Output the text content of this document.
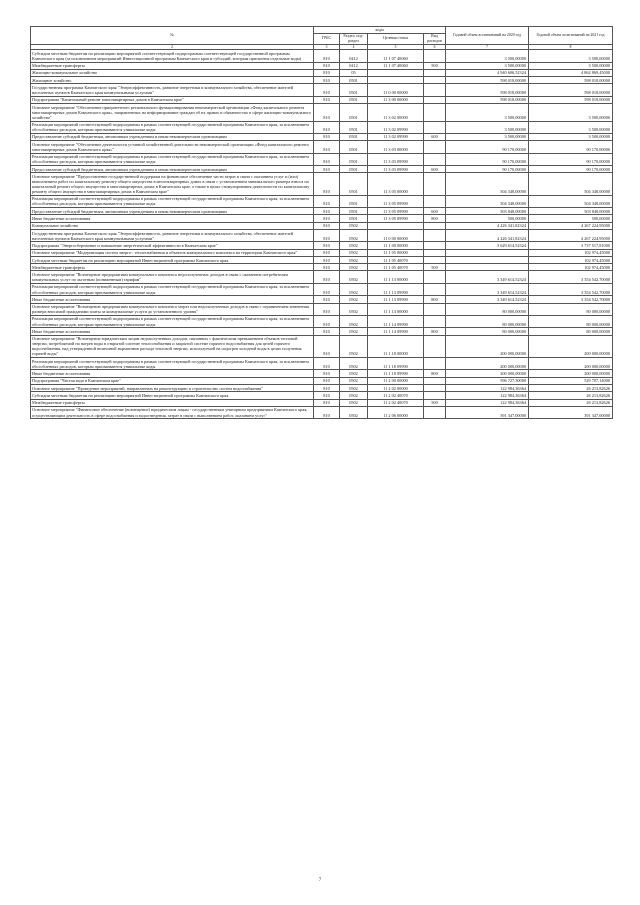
№	коды				Годовой объем ассигнований на 2020 год	Годовой объем ассигнований на 2021 год
	ГРБС	Раздел, под-раздел	Целевая статья	Вид расходов		
2	3	4	5	6	7	8
Субсидии местным бюджетам на реализацию мероприятий соответствующей подпрограммы соответствующей государственной программы Камчатского края (за исключением мероприятий Инвестиционной программы Камчатского края и субсидий, которым присвоены отдельные коды)	810	0412	11 1 07 40060		3 500,00000	3 500,00000
Межбюджетные трансферты	810	0412	11 1 07 40060	500	3 500,00000	3 500,00000
Жилищно-коммунальное хозяйство	810	05			4 940 606,52324	4 862 869,45000
Жилищное хозяйство	810	0501			598 018,00000	598 018,00000
Государственная программа Камчатского края "Энергоэффективность, развитие энергетики и коммунального хозяйства, обеспечение жителей населенных пунктов Камчатского края коммунальными услугами"	810	0501	11 0 00 00000		598 018,00000	598 018,00000
Подпрограмма "Капитальный ремонт многоквартирных домов в Камчатском крае"	810	0501	11 3 00 00000		598 018,00000	598 018,00000
Основное мероприятие "Обеспечение приоритетного регионального функционирования некоммерческой организации «Фонд капитального ремонта многоквартирных домов Камчатского края», направленных на информирование граждан об их правах и обязанностях в сфере жилищно-коммунального хозяйства"	810	0501	11 3 02 00000		3 500,00000	3 500,00000
Реализация мероприятий соответствующей подпрограммы в рамках соответствующей государственной программы Камчатского края, за исключением обособленных расходов, которым присваиваются уникальные коды	810	0501	11 3 02 09990		3 500,00000	3 500,00000
Предоставление субсидий бюджетным, автономным учреждениям и иным некоммерческим организациям	810	0501	11 3 02 09990	600	3 500,00000	3 500,00000
Основное мероприятие "Обеспечение деятельности уставной хозяйственной деятельности некоммерческой организации «Фонд капитального ремонта многоквартирных домов Камчатского края»"	810	0501	11 3 03 00000		90 170,00000	90 170,00000
Реализация мероприятий соответствующей подпрограммы в рамках соответствующей государственной программы Камчатского края, за исключением обособленных расходов, которым присваиваются уникальные коды	810	0501	11 3 03 09990		90 170,00000	90 170,00000
Предоставление субсидий бюджетным, автономным учреждениям и иным некоммерческим организациям	810	0501	11 3 03 09990	600	90 170,00000	90 170,00000
Основное мероприятие "Предоставление государственной поддержки на финансовое обеспечение части затрат в связи с оказанием услуг и (или) выполнением работ по капитальному ремонту общего имущества в многоквартирных домах в связи с установлением минимального размера взноса на капитальный ремонт общего имущества в многоквартирных домах в Камчатском крае, а также в целях стимулирования деятельности по капитальному ремонту общего имущества в многоквартирных домах в Камчатском крае"	810	0501	11 3 05 00000		504 348,00000	504 348,00000
Реализация мероприятий соответствующей подпрограммы в рамках соответствующей государственной программы Камчатского края, за исключением обособленных расходов, которым присваиваются уникальные коды	810	0501	11 3 05 09990		504 348,00000	504 348,00000
Предоставление субсидий бюджетным, автономным учреждениям и иным некоммерческим организациям	810	0501	11 3 05 09990	600	503 848,00000	503 848,00000
Иные бюджетные ассигнования	810	0501	11 3 05 09990	800	500,00000	500,00000
Коммунальное хозяйство	810	0502			4 226 341,82324	4 267 224,95000
Государственная программа Камчатского края "Энергоэффективность, развитие энергетики и коммунального хозяйства, обеспечение жителей населенных пунктов Камчатского края коммунальными услугами"	810	0502	11 0 00 00000		4 226 341,82324	4 267 224,95000
Подпрограмма "Энергосбережение и повышение энергетической эффективности в Камчатском крае"	810	0502	11 1 00 00000		3 629 614,52324	3 737 517,81000
Основное мероприятие "Модернизация систем энерго-, теплоснабжения и объектов коммунального комплекса на территории Камчатского края"	810	0502	11 1 05 00000			102 974,45000
Субсидии местным бюджетам на реализацию мероприятий Инвестиционной программы Камчатского края	810	0502	11 1 05 40070			102 974,45000
Межбюджетные трансферты	810	0502	11 1 05 40070	500		102 974,45000
Основное мероприятие "Возмещение предприятиям коммунального комплекса недополученных доходов в связи с оказанием потребителям коммунальных услуг по льготным (пониженным) тарифам"	810	0502	11 1 13 00000		3 349 614,52324	3 354 542,70000
Реализация мероприятий соответствующей подпрограммы в рамках соответствующей государственной программы Камчатского края, за исключением обособленных расходов, которым присваиваются уникальные коды	810	0502	11 1 13 09990		3 349 614,52324	3 354 542,70000
Иные бюджетные ассигнования	810	0502	11 1 13 09990	800	3 349 614,52324	3 354 542,70000
Основное мероприятие "Возмещение предприятиям коммунального комплекса затрат или недополученных доходов в связи с ограничением изменения размера вносимой гражданами платы за коммунальные услуги до установленного уровня"	810	0502	11 1 14 00000		80 000,00000	80 000,00000
Реализация мероприятий соответствующей подпрограммы в рамках соответствующей государственной программы Камчатского края, за исключением обособленных расходов, которым присваиваются уникальные коды	810	0502	11 1 14 09990		80 000,00000	80 000,00000
Иные бюджетные ассигнования	810	0502	11 1 14 09990	800	80 000,00000	80 000,00000
Основное мероприятие "Возмещение юридическим лицам недополученных доходов, связанных с фактическим превышением объемов тепловой энергии, потребляемой на нагрев воды в открытой системе теплоснабжения и закрытой системе горячего водоснабжения для целей горячего водоснабжения, над утвержденной величиной нормативов расхода тепловой энергии, используемой на подогрев холодной воды в целях получения горячей воды"	810	0502	11 1 18 00000		200 000,00000	200 000,00000
Реализация мероприятий соответствующей подпрограммы в рамках соответствующей государственной программы Камчатского края, за исключением обособленных расходов, которым присваиваются уникальные коды	810	0502	11 1 18 09990		200 000,00000	200 000,00000
Иные бюджетные ассигнования	810	0502	11 1 18 09990	800	200 000,00000	200 000,00000
Подпрограмма "Чистая вода в Камчатском крае"	810	0502	11 2 00 00000		596 727,30000	529 707,14000
Основное мероприятие "Проведение мероприятий, направленных на реконструкцию и строительство систем водоснабжения"	810	0502	11 2 02 00000		122 984,36364	26 213,82626
Субсидии местным бюджетам на реализацию мероприятий Инвестиционной программы Камчатского края	810	0502	11 2 02 40070		122 984,36364	26 213,82626
Межбюджетные трансферты	810	0502	11 2 02 40070	500	122 984,36364	26 213,82626
Основное мероприятие "Финансовое обеспечение (возмещение) юридическим лицам - государственным унитарным предприятиям Камчатского края, осуществляющим деятельность в сфере водоснабжения и водоотведения, затрат в связи с выполнением работ, оказанием услуг"	810	0502	11 2 06 00000		391 347,00000	391 347,00000
7
